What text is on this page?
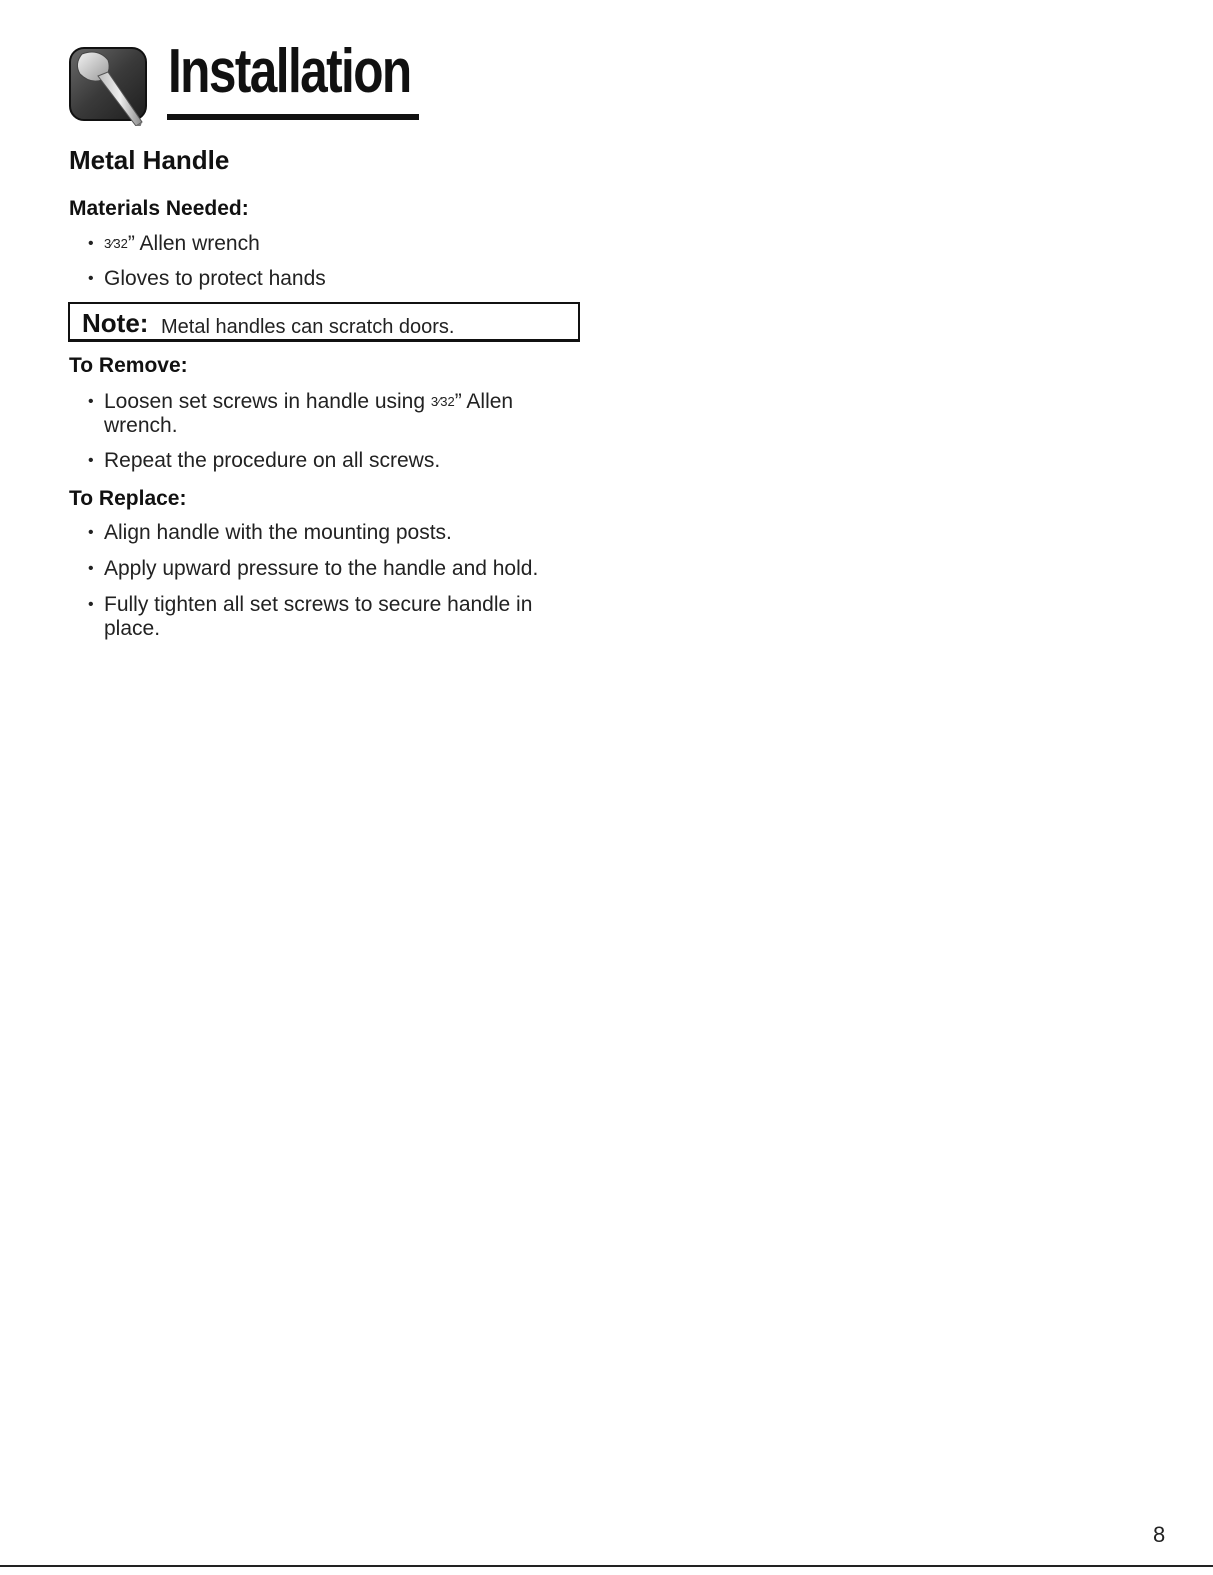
Installation
Metal Handle
Materials Needed:
• 3⁄32” Allen wrench
• Gloves to protect hands
Note: Metal handles can scratch doors.
To Remove:
• Loosen set screws in handle using 3⁄32” Allen wrench.
• Repeat the procedure on all screws.
To Replace:
• Align handle with the mounting posts.
• Apply upward pressure to the handle and hold.
• Fully tighten all set screws to secure handle in place.
8
